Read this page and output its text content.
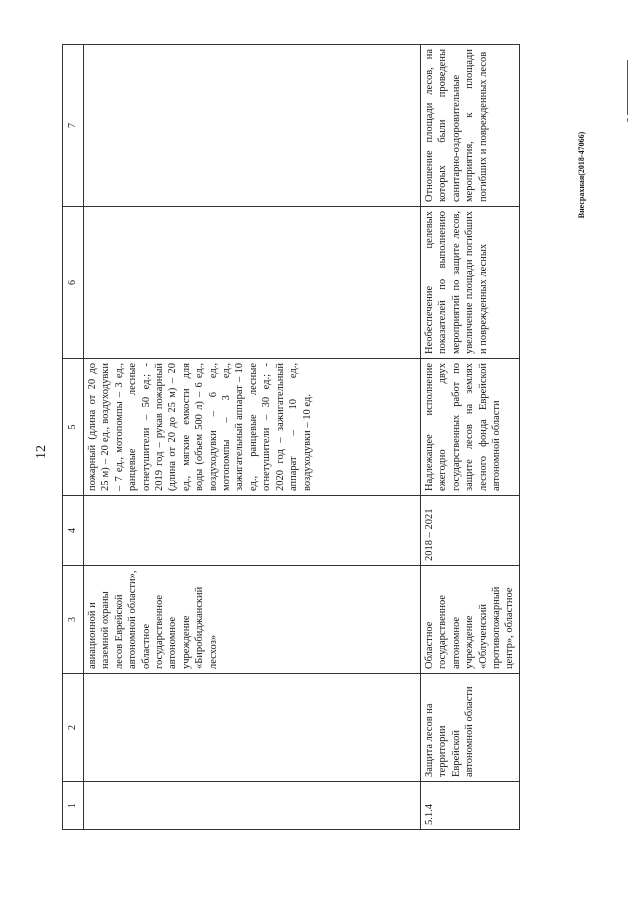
12
Внесрахная(2018-47066)
1	2	3	4	5	6	7
		авиационной и наземной охраны лесов Еврейской автономной области», областное государственное автономное учреждение «Биробиджанский лесхоз»		пожарный (длина от 20 до 25 м) – 20 ед., воздуходувки – 7 ед., мотопомпы – 3 ед., ранцевые лесные огнетушители – 50 ед.; - 2019 год – рукав пожарный (длина от 20 до 25 м) – 20 ед., мягкие емкости для воды (объем 500 л) – 6 ед., воздуходувки – 6 ед., мотопомпы – 3 ед., зажигательный аппарат – 10 ед., ранцевые лесные огнетушители – 30 ед.; - 2020 год – зажигательный аппарат – 10 ед., воздуходувки – 10 ед.		
5.1.4	Защита лесов на территории Еврейской автономной области	Областное государственное автономное учреждение «Облученский противопожарный центр», областное	2018 – 2021	Надлежащее исполнение ежегодно двух государственных работ по защите лесов на землях лесного фонда Еврейской автономной области	Необеспечение целевых показателей по выполнению мероприятий по защите лесов, увеличение площади погибших и поврежденных лесных	Отношение площади лесов, на которых были проведены санитарно-оздоровительные мероприятия, к площади погибших и поврежденных лесов
